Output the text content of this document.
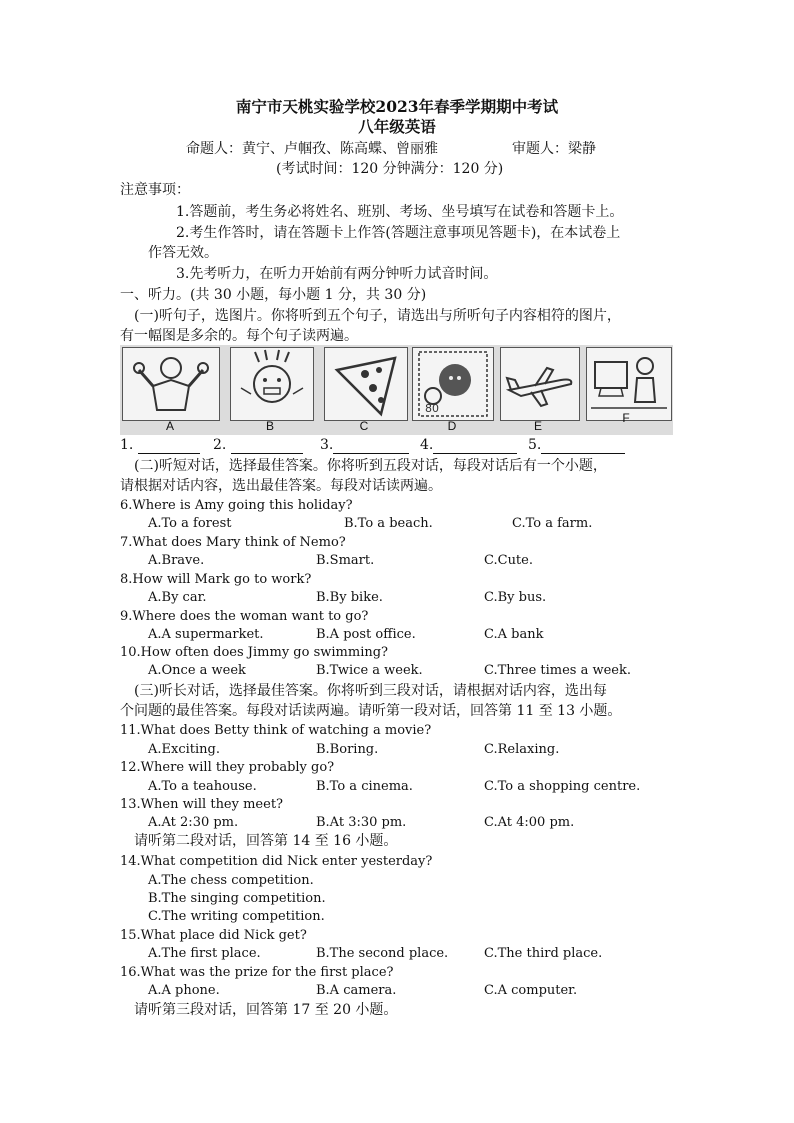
南宁市天桃实验学校2023年春季学期期中考试
八年级英语
命题人：黄宁、卢帼孜、陈高蝶、曾丽雅	审题人：梁静
(考试时间：120 分钟满分：120 分)
注意事项：
1.答题前，考生务必将姓名、班别、考场、坐号填写在试卷和答题卡上。
2.考生作答时，请在答题卡上作答(答题注意事项见答题卡)，在本试卷上
作答无效。
3.先考听力，在听力开始前有两分钟听力试音时间。
一、听力。(共 30 小题，每小题 1 分，共 30 分)
(一)听句子，选图片。你将听到五个句子，请选出与所听句子内容相符的图片，
有一幅图是多余的。每个句子读两遍。
80
A	B	C	D	E
F
1.	2.	3.	4.	5.
(二)听短对话，选择最佳答案。你将听到五段对话，每段对话后有一个小题，
请根据对话内容，选出最佳答案。每段对话读两遍。
6.Where is Amy going this holiday?
A.To a forest	B.To a beach.	C.To a farm.
7.What does Mary think of Nemo?
A.Brave.	B.Smart.	C.Cute.
8.How will Mark go to work?
A.By car.	B.By bike.	C.By bus.
9.Where does the woman want to go?
A.A supermarket.	B.A post office.	C.A bank
10.How often does Jimmy go swimming?
A.Once a week	B.Twice a week.	C.Three times a week.
(三)听长对话，选择最佳答案。你将听到三段对话，请根据对话内容，选出每
个问题的最佳答案。每段对话读两遍。请听第一段对话，回答第 11 至 13 小题。
11.What does Betty think of watching a movie?
A.Exciting.	B.Boring.	C.Relaxing.
12.Where will they probably go?
A.To a teahouse.	B.To a cinema.	C.To a shopping centre.
13.When will they meet?
A.At 2:30 pm.	B.At 3:30 pm.	C.At 4:00 pm.
请听第二段对话，回答第 14 至 16 小题。
14.What competition did Nick enter yesterday?
A.The chess competition.
B.The singing competition.
C.The writing competition.
15.What place did Nick get?
A.The first place.	B.The second place.	C.The third place.
16.What was the prize for the first place?
A.A phone.	B.A camera.	C.A computer.
请听第三段对话，回答第 17 至 20 小题。
